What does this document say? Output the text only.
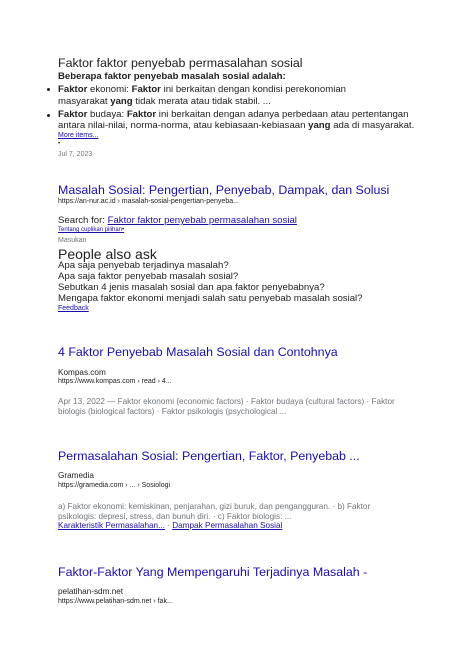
Faktor faktor penyebab permasalahan sosial
Beberapa faktor penyebab masalah sosial adalah:
Faktor ekonomi: Faktor ini berkaitan dengan kondisi perekonomian
masyarakat yang tidak merata atau tidak stabil. ...
Faktor budaya: Faktor ini berkaitan dengan adanya perbedaan atau pertentangan
antara nilai-nilai, norma-norma, atau kebiasaan-kebiasaan yang ada di masyarakat.
More items...
•
Jul 7, 2023
Masalah Sosial: Pengertian, Penyebab, Dampak, dan Solusi
https://an-nur.ac.id › masalah-sosial-pengertian-penyeba...
Search for: Faktor faktor penyebab permasalahan sosial
Tentang cuplikan pilihan•
Masukan
People also ask
Apa saja penyebab terjadinya masalah?
Apa saja faktor penyebab masalah sosial?
Sebutkan 4 jenis masalah sosial dan apa faktor penyebabnya?
Mengapa faktor ekonomi menjadi salah satu penyebab masalah sosial?
Feedback
4 Faktor Penyebab Masalah Sosial dan Contohnya
Kompas.com
https://www.kompas.com › read › 4...
Apr 13, 2022 — Faktor ekonomi (economic factors) · Faktor budaya (cultural factors) · Faktor
biologis (biological factors) · Faktor psikologis (psychological ...
Permasalahan Sosial: Pengertian, Faktor, Penyebab ...
Gramedia
https://gramedia.com › ... › Sosiologi
a) Faktor ekonomi: kemiskinan, penjarahan, gizi buruk, dan pengangguran. · b) Faktor
psikologis: depresi, stress, dan bunuh diri. · c) Faktor biologis: ...
Karakteristik Permasalahan... · Dampak Permasalahan Sosial
Faktor-Faktor Yang Mempengaruhi Terjadinya Masalah -
pelatihan-sdm.net
https://www.pelatihan-sdm.net › fak...
